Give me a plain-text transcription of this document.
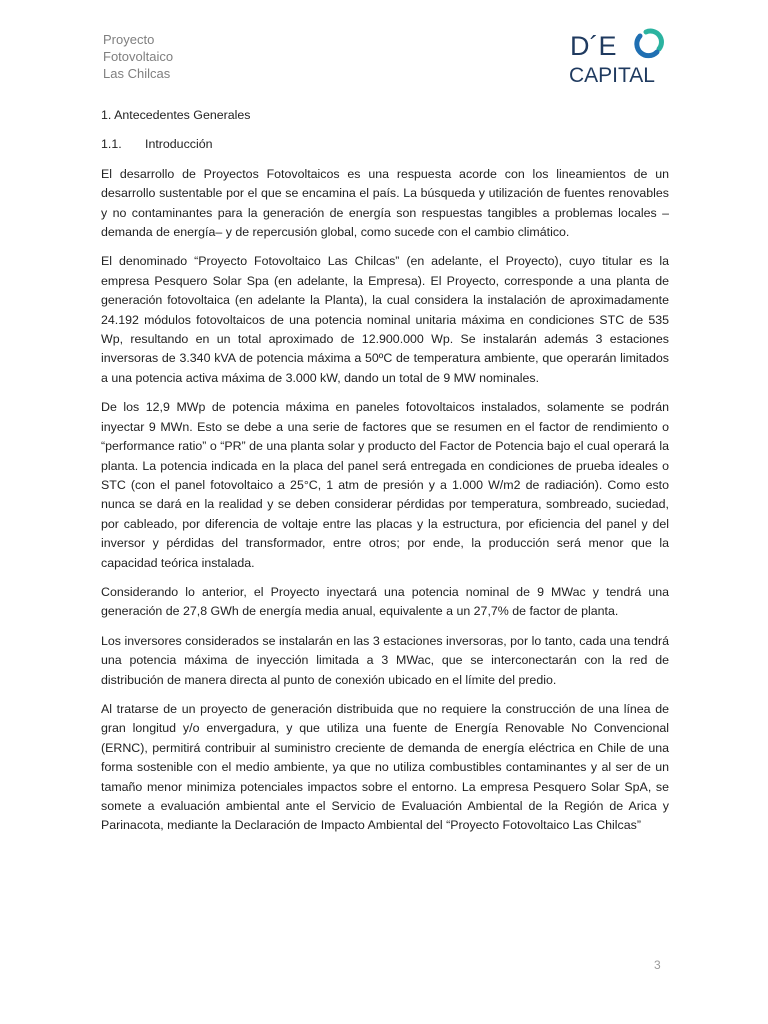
Proyecto
Fotovoltaico
Las Chilcas
D´E
CAPITAL
1. Antecedentes Generales
1.1. Introducción

El desarrollo de Proyectos Fotovoltaicos es una respuesta acorde con los lineamientos de un desarrollo sustentable por el que se encamina el país. La búsqueda y utilización de fuentes renovables y no contaminantes para la generación de energía son respuestas tangibles a problemas locales –demanda de energía– y de repercusión global, como sucede con el cambio climático.

El denominado “Proyecto Fotovoltaico Las Chilcas” (en adelante, el Proyecto), cuyo titular es la empresa Pesquero Solar Spa (en adelante, la Empresa). El Proyecto, corresponde a una planta de generación fotovoltaica (en adelante la Planta), la cual considera la instalación de aproximadamente 24.192 módulos fotovoltaicos de una potencia nominal unitaria máxima en condiciones STC de 535 Wp, resultando en un total aproximado de 12.900.000 Wp. Se instalarán además 3 estaciones inversoras de 3.340 kVA de potencia máxima a 50ºC de temperatura ambiente, que operarán limitados a una potencia activa máxima de 3.000 kW, dando un total de 9 MW nominales.

De los 12,9 MWp de potencia máxima en paneles fotovoltaicos instalados, solamente se podrán inyectar 9 MWn. Esto se debe a una serie de factores que se resumen en el factor de rendimiento o “performance ratio” o “PR” de una planta solar y producto del Factor de Potencia bajo el cual operará la planta. La potencia indicada en la placa del panel será entregada en condiciones de prueba ideales o STC (con el panel fotovoltaico a 25°C, 1 atm de presión y a 1.000 W/m2 de radiación). Como esto nunca se dará en la realidad y se deben considerar pérdidas por temperatura, sombreado, suciedad, por cableado, por diferencia de voltaje entre las placas y la estructura, por eficiencia del panel y del inversor y pérdidas del transformador, entre otros; por ende, la producción será menor que la capacidad teórica instalada.

Considerando lo anterior, el Proyecto inyectará una potencia nominal de 9 MWac y tendrá una generación de 27,8 GWh de energía media anual, equivalente a un 27,7% de factor de planta.

Los inversores considerados se instalarán en las 3 estaciones inversoras, por lo tanto, cada una tendrá una potencia máxima de inyección limitada a 3 MWac, que se interconectarán con la red de distribución de manera directa al punto de conexión ubicado en el límite del predio.

Al tratarse de un proyecto de generación distribuida que no requiere la construcción de una línea de gran longitud y/o envergadura, y que utiliza una fuente de Energía Renovable No Convencional (ERNC), permitirá contribuir al suministro creciente de demanda de energía eléctrica en Chile de una forma sostenible con el medio ambiente, ya que no utiliza combustibles contaminantes y al ser de un tamaño menor minimiza potenciales impactos sobre el entorno. La empresa Pesquero Solar SpA, se somete a evaluación ambiental ante el Servicio de Evaluación Ambiental de la Región de Arica y Parinacota, mediante la Declaración de Impacto Ambiental del “Proyecto Fotovoltaico Las Chilcas”

3
